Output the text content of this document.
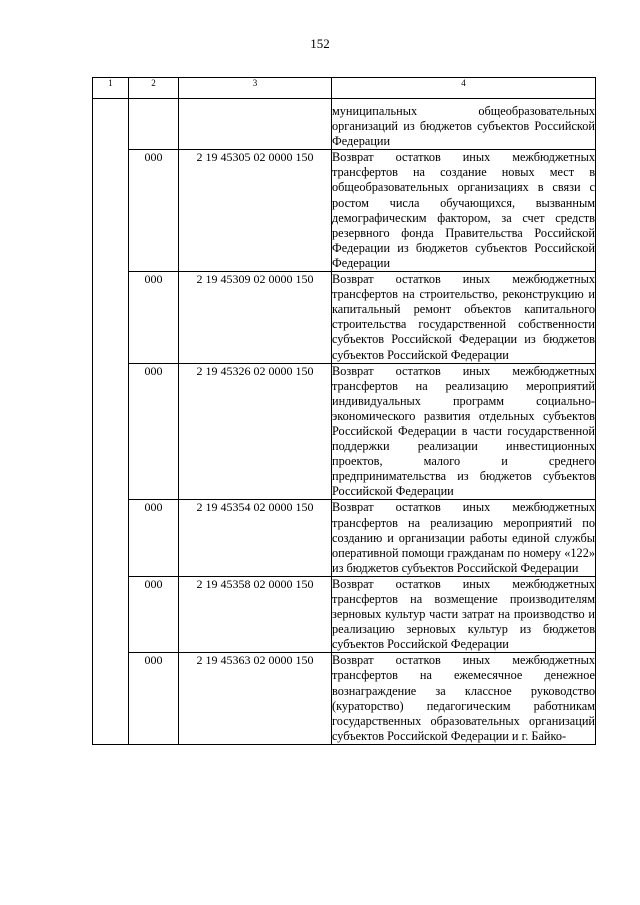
152
1	2	3	4
			муниципальных общеобразовательных организаций из бюджетов субъектов Российской Федерации
	000	2 19 45305 02 0000 150	Возврат остатков иных межбюджетных трансфертов на создание новых мест в общеобразовательных организациях в связи с ростом числа обучающихся, вызванным демографическим фактором, за счет средств резервного фонда Правительства Российской Федерации из бюджетов субъектов Российской Федерации
	000	2 19 45309 02 0000 150	Возврат остатков иных межбюджетных трансфертов на строительство, реконструкцию и капитальный ремонт объектов капитального строительства государственной собственности субъектов Российской Федерации из бюджетов субъектов Российской Федерации
	000	2 19 45326 02 0000 150	Возврат остатков иных межбюджетных трансфертов на реализацию мероприятий индивидуальных программ социально-экономического развития отдельных субъектов Российской Федерации в части государственной поддержки реализации инвестиционных проектов, малого и среднего предпринимательства из бюджетов субъектов Российской Федерации
	000	2 19 45354 02 0000 150	Возврат остатков иных межбюджетных трансфертов на реализацию мероприятий по созданию и организации работы единой службы оперативной помощи гражданам по номеру «122» из бюджетов субъектов Российской Федерации
	000	2 19 45358 02 0000 150	Возврат остатков иных межбюджетных трансфертов на возмещение производителям зерновых культур части затрат на производство и реализацию зерновых культур из бюджетов субъектов Российской Федерации
	000	2 19 45363 02 0000 150	Возврат остатков иных межбюджетных трансфертов на ежемесячное денежное вознаграждение за классное руководство (кураторство) педагогическим работникам государственных образовательных организаций субъектов Российской Федерации и г. Байко-
